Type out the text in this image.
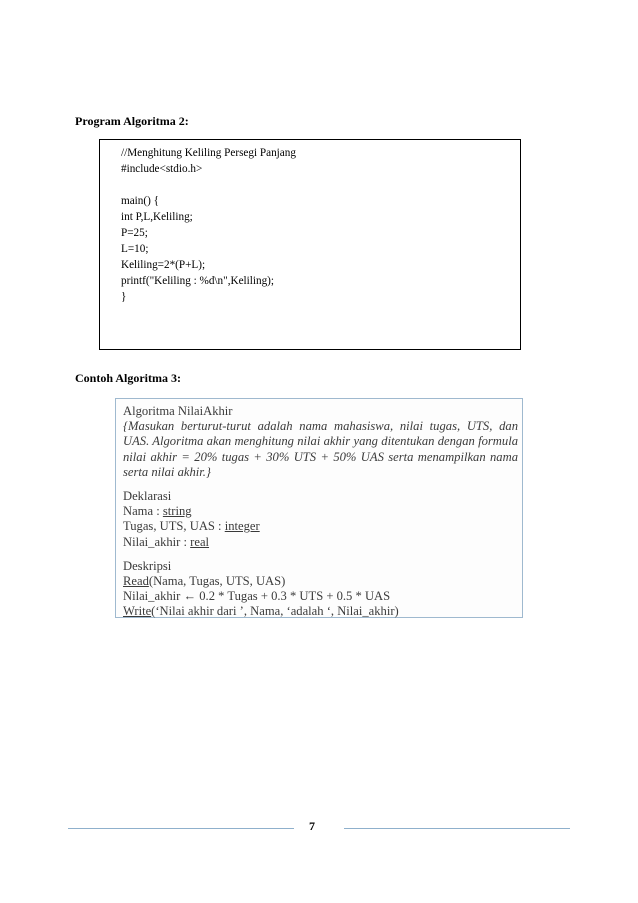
Program Algoritma 2:
//Menghitung Keliling Persegi Panjang
#include<stdio.h>
main() {
int P,L,Keliling;
P=25;
L=10;
Keliling=2*(P+L);
printf("Keliling : %d\n",Keliling);
}
Contoh Algoritma 3:
Algoritma NilaiAkhir
{Masukan berturut-turut adalah nama mahasiswa, nilai tugas, UTS, dan UAS. Algoritma akan menghitung nilai akhir yang ditentukan dengan formula nilai akhir = 20% tugas + 30% UTS + 50% UAS serta menampilkan nama serta nilai akhir.}
Deklarasi
Nama : string
Tugas, UTS, UAS : integer
Nilai_akhir : real
Deskripsi
Read(Nama, Tugas, UTS, UAS)
Nilai_akhir ← 0.2 * Tugas + 0.3 * UTS + 0.5 * UAS
Write(‘Nilai akhir dari ’, Nama, ‘adalah ‘, Nilai_akhir)
7
